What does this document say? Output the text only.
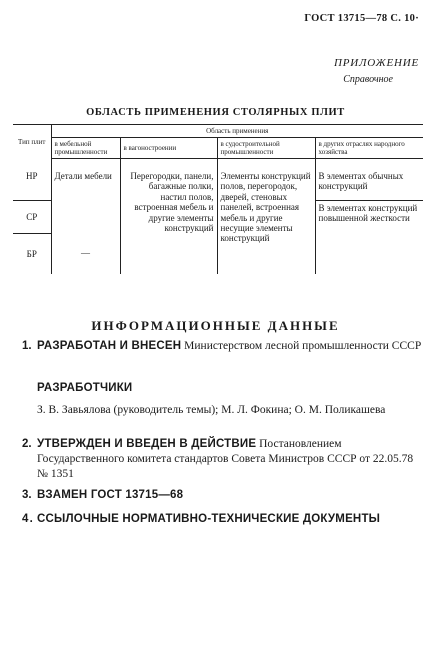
ГОСТ 13715—78 С. 10·
ПРИЛОЖЕНИЕ
Справочное
ОБЛАСТЬ ПРИМЕНЕНИЯ СТОЛЯРНЫХ ПЛИТ
Тип плит	Область применения			
	в мебельной промышленности	в вагоностроении	в судостроительной промышленности	в других отраслях народного хозяйства
НР	Детали мебели	Перегородки, панели, багажные полки, настил полов, встроенная мебель и другие элементы конструкций	Элементы конструкций полов, перегородок, дверей, стеновых панелей, встроенная мебель и другие несущие элементы конструкций	В элементах обычных конструкций
СР				В элементах конструкций повышенной жесткости
БР	—			
ИНФОРМАЦИОННЫЕ ДАННЫЕ
1. РАЗРАБОТАН И ВНЕСЕН Министерством лесной промышленности СССР
РАЗРАБОТЧИКИ
З. В. Завьялова (руководитель темы); М. Л. Фокина; О. М. Поликашева
2. УТВЕРЖДЕН И ВВЕДЕН В ДЕЙСТВИЕ Постановлением Государственного комитета стандартов Совета Министров СССР от 22.05.78 № 1351
3. ВЗАМЕН ГОСТ 13715—68
4. ССЫЛОЧНЫЕ НОРМАТИВНО-ТЕХНИЧЕСКИЕ ДОКУМЕНТЫ
